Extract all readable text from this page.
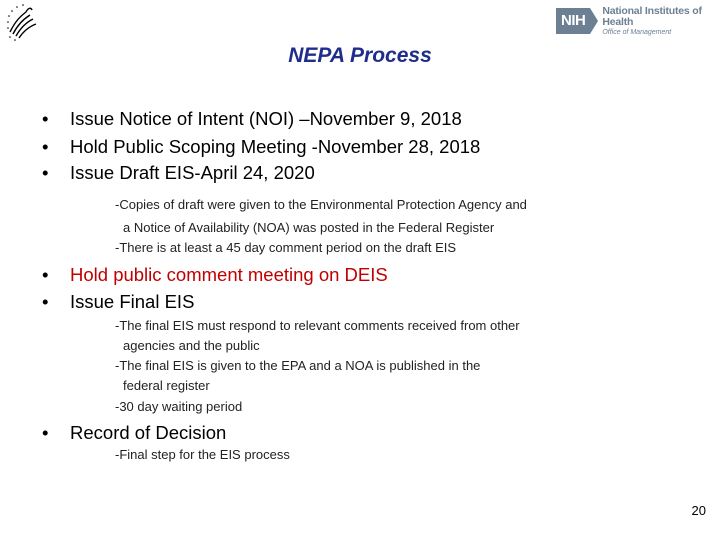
NIH
National Institutes of Health
Office of Management
NEPA Process
• Issue Notice of Intent (NOI) –November 9, 2018
• Hold Public Scoping Meeting -November 28, 2018
• Issue Draft EIS-April 24, 2020
-Copies of draft were given to the Environmental Protection Agency and
a Notice of Availability (NOA) was posted in the Federal Register
-There is at least a 45 day comment period on the draft EIS
• Hold public comment meeting on DEIS
• Issue Final EIS
-The final EIS must respond to relevant comments received from other
agencies and the public
-The final EIS is given to the EPA and a NOA is published in the
federal register
-30 day waiting period
• Record of Decision
-Final step for the EIS process
20
